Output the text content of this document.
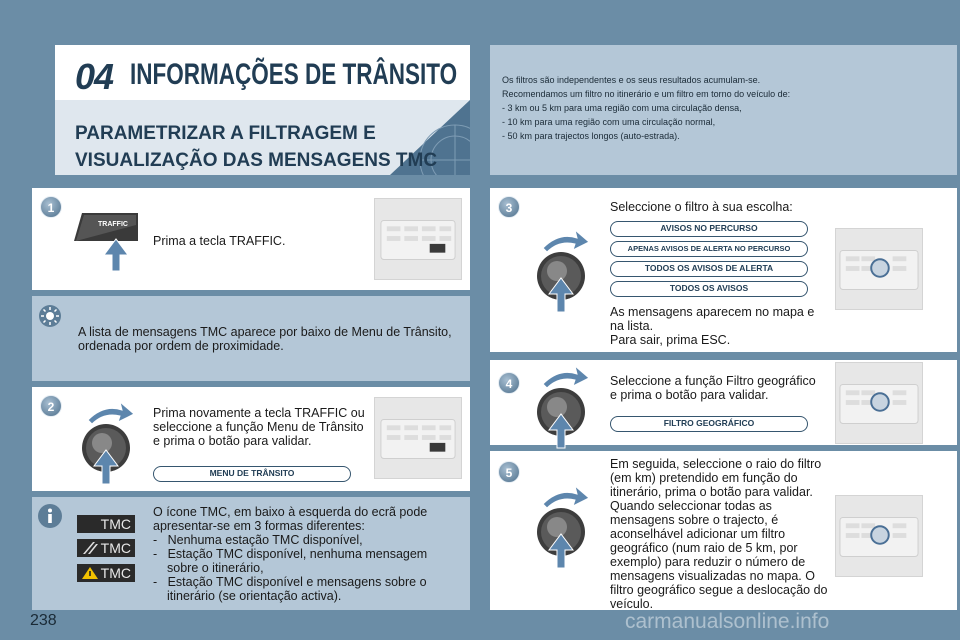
04 INFORMAÇÕES DE TRÂNSITO
PARAMETRIZAR A FILTRAGEM E
VISUALIZAÇÃO DAS MENSAGENS TMC

Os filtros são independentes e os seus resultados acumulam-se.

Recomendamos um filtro no itinerário e um filtro em torno do veículo de:

- 3 km ou 5 km para uma região com uma circulação densa,
- 10 km para uma região com uma circulação normal,
- 50 km para trajectos longos (auto-estrada).
1
TRAFFIC
Prima a tecla TRAFFIC.
A lista de mensagens TMC aparece por baixo de Menu de Trânsito, ordenada por ordem de proximidade.
2	Prima novamente a tecla TRAFFIC ou seleccione a função Menu de Trânsito e prima o botão para validar.
MENU DE TRÂNSITO
TMC
TMC
TMC
O ícone TMC, em baixo à esquerda do ecrã pode apresentar-se em 3 formas diferentes:
-   Nenhuma estação TMC disponível,
-   Estação TMC disponível, nenhuma mensagem sobre o itinerário,
-   Estação TMC disponível e mensagens sobre o itinerário (se orientação activa).
3	Seleccione o filtro à sua escolha:
AVISOS NO PERCURSO
APENAS AVISOS DE ALERTA NO PERCURSO
TODOS OS AVISOS DE ALERTA
TODOS OS AVISOS
As mensagens aparecem no mapa e na lista.
Para sair, prima ESC.
4	Seleccione a função Filtro geográfico e prima o botão para validar.
FILTRO GEOGRÁFICO
5
Em seguida, seleccione o raio do filtro (em km) pretendido em função do itinerário, prima o botão para validar. Quando seleccionar todas as mensagens sobre o trajecto, é aconselhável adicionar um filtro geográfico (num raio de 5 km, por exemplo) para reduzir o número de mensagens visualizadas no mapa. O filtro geográfico segue a deslocação do veículo.
238	carmanualsonline.info
